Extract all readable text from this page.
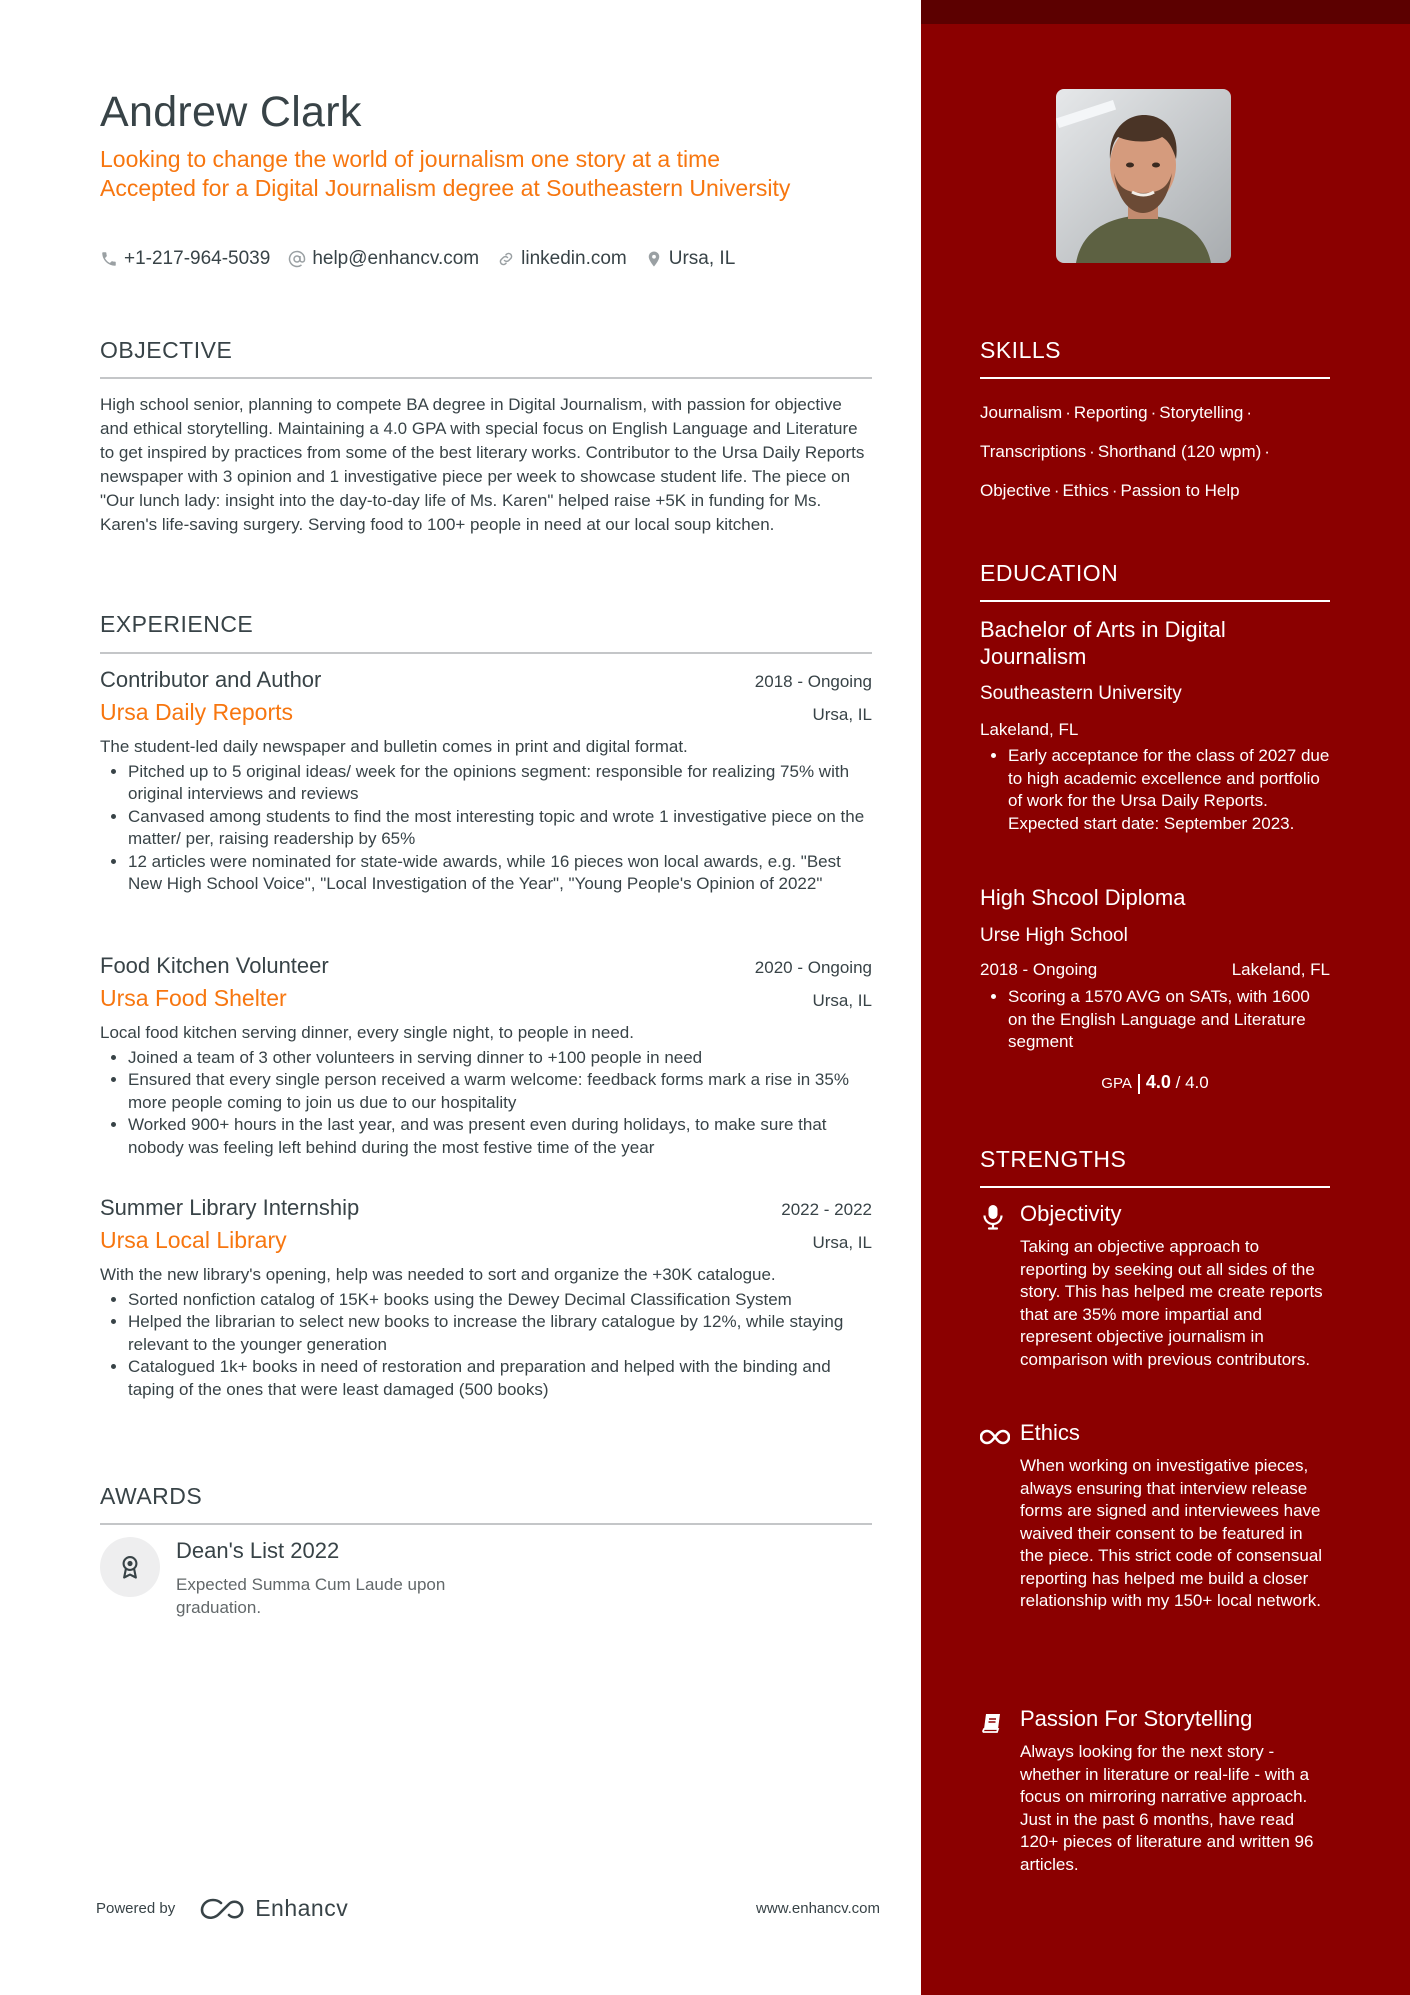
Andrew Clark
Looking to change the world of journalism one story at a time Accepted for a Digital Journalism degree at Southeastern University
+1-217-964-5039 help@enhancv.com linkedin.com Ursa, IL
OBJECTIVE
High school senior, planning to compete BA degree in Digital Journalism, with passion for objective and ethical storytelling. Maintaining a 4.0 GPA with special focus on English Language and Literature to get inspired by practices from some of the best literary works. Contributor to the Ursa Daily Reports newspaper with 3 opinion and 1 investigative piece per week to showcase student life. The piece on "Our lunch lady: insight into the day-to-day life of Ms. Karen" helped raise +5K in funding for Ms. Karen's life-saving surgery. Serving food to 100+ people in need at our local soup kitchen.
EXPERIENCE
Contributor and Author	2018 - Ongoing
Ursa Daily Reports	Ursa, IL
The student-led daily newspaper and bulletin comes in print and digital format.
• Pitched up to 5 original ideas/ week for the opinions segment: responsible for realizing 75% with original interviews and reviews
• Canvased among students to find the most interesting topic and wrote 1 investigative piece on the matter/ per, raising readership by 65%
• 12 articles were nominated for state-wide awards, while 16 pieces won local awards, e.g. "Best New High School Voice", "Local Investigation of the Year", "Young People's Opinion of 2022"
Food Kitchen Volunteer	2020 - Ongoing
Ursa Food Shelter	Ursa, IL
Local food kitchen serving dinner, every single night, to people in need.
• Joined a team of 3 other volunteers in serving dinner to +100 people in need
• Ensured that every single person received a warm welcome: feedback forms mark a rise in 35% more people coming to join us due to our hospitality
• Worked 900+ hours in the last year, and was present even during holidays, to make sure that nobody was feeling left behind during the most festive time of the year
Summer Library Internship	2022 - 2022
Ursa Local Library	Ursa, IL
With the new library's opening, help was needed to sort and organize the +30K catalogue.
• Sorted nonfiction catalog of 15K+ books using the Dewey Decimal Classification System
• Helped the librarian to select new books to increase the library catalogue by 12%, while staying relevant to the younger generation
• Catalogued 1k+ books in need of restoration and preparation and helped with the binding and taping of the ones that were least damaged (500 books)
AWARDS
Dean's List 2022
Expected Summa Cum Laude upon graduation.
Powered by	Enhancv	www.enhancv.com
SKILLS
Journalism · Reporting · Storytelling ·
Transcriptions · Shorthand (120 wpm) ·
Objective · Ethics · Passion to Help
EDUCATION
Bachelor of Arts in Digital Journalism
Southeastern University
Lakeland, FL
• Early acceptance for the class of 2027 due to high academic excellence and portfolio of work for the Ursa Daily Reports. Expected start date: September 2023.
High Shcool Diploma
Urse High School
2018 - Ongoing	Lakeland, FL
• Scoring a 1570 AVG on SATs, with 1600 on the English Language and Literature segment
GPA 4.0 / 4.0
STRENGTHS
Objectivity
Taking an objective approach to reporting by seeking out all sides of the story. This has helped me create reports that are 35% more impartial and represent objective journalism in comparison with previous contributors.
Ethics
When working on investigative pieces, always ensuring that interview release forms are signed and interviewees have waived their consent to be featured in the piece. This strict code of consensual reporting has helped me build a closer relationship with my 150+ local network.
Passion For Storytelling
Always looking for the next story - whether in literature or real-life - with a focus on mirroring narrative approach. Just in the past 6 months, have read 120+ pieces of literature and written 96 articles.
